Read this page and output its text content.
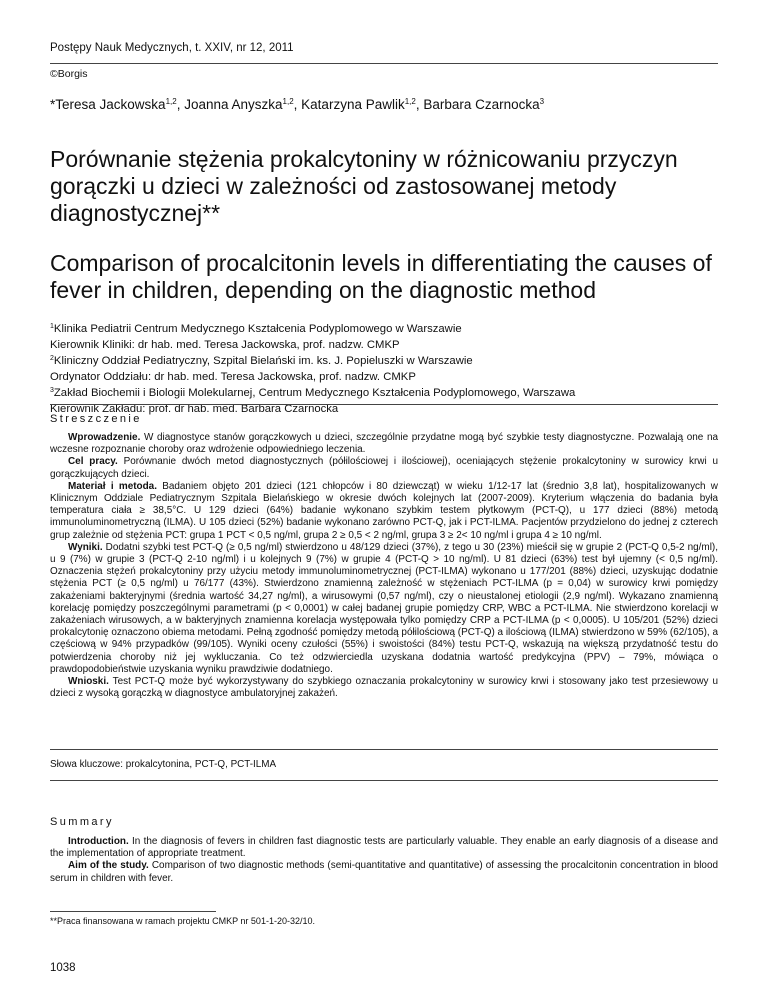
Postępy Nauk Medycznych, t. XXIV, nr 12, 2011
©Borgis
*Teresa Jackowska$^{1,2}$, Joanna Anyszka$^{1,2}$, Katarzyna Pawlik$^{1,2}$, Barbara Czarnocka$^3$
Porównanie stężenia prokalcytoniny w różnicowaniu przyczyn gorączki u dzieci w zależności od zastosowanej metody diagnostycznej**
Comparison of procalcitonin levels in differentiating the causes of fever in children, depending on the diagnostic method
$^1$Klinika Pediatrii Centrum Medycznego Kształcenia Podyplomowego w Warszawie
Kierownik Kliniki: dr hab. med. Teresa Jackowska, prof. nadzw. CMKP
$^2$Kliniczny Oddział Pediatryczny, Szpital Bielański im. ks. J. Popieluszki w Warszawie
Ordynator Oddziału: dr hab. med. Teresa Jackowska, prof. nadzw. CMKP
$^3$Zakład Biochemii i Biologii Molekularnej, Centrum Medycznego Kształcenia Podyplomowego, Warszawa
Kierownik Zakładu: prof. dr hab. med. Barbara Czarnocka
Streszczenie

Wprowadzenie. W diagnostyce stanów gorączkowych u dzieci, szczególnie przydatne mogą być szybkie testy diagnostyczne. Pozwalają one na wczesne rozpoznanie choroby oraz wdrożenie odpowiedniego leczenia.

Cel pracy. Porównanie dwóch metod diagnostycznych (półilościowej i ilościowej), oceniających stężenie prokalcytoniny w surowicy krwi u gorączkujących dzieci.

Materiał i metoda. Badaniem objęto 201 dzieci (121 chłopców i 80 dziewcząt) w wieku 1/12-17 lat (średnio 3,8 lat), hospitalizowanych w Klinicznym Oddziale Pediatrycznym Szpitala Bielańskiego w okresie dwóch kolejnych lat (2007-2009). Kryterium włączenia do badania była temperatura ciała ≥ 38,5°C. U 129 dzieci (64%) badanie wykonano szybkim testem płytkowym (PCT-Q), u 177 dzieci (88%) metodą immunoluminometryczną (ILMA). U 105 dzieci (52%) badanie wykonano zarówno PCT-Q, jak i PCT-ILMA. Pacjentów przydzielono do jednej z czterech grup zależnie od stężenia PCT: grupa 1 PCT < 0,5 ng/ml, grupa 2 ≥ 0,5 < 2 ng/ml, grupa 3 ≥ 2< 10 ng/ml i grupa 4 ≥ 10 ng/ml.

Wyniki. Dodatni szybki test PCT-Q (≥ 0,5 ng/ml) stwierdzono u 48/129 dzieci (37%), z tego u 30 (23%) mieścił się w grupie 2 (PCT-Q 0,5-2 ng/ml), u 9 (7%) w grupie 3 (PCT-Q 2-10 ng/ml) i u kolejnych 9 (7%) w grupie 4 (PCT-Q > 10 ng/ml). U 81 dzieci (63%) test był ujemny (< 0,5 ng/ml). Oznaczenia stężeń prokalcytoniny przy użyciu metody immunoluminometrycznej (PCT-ILMA) wykonano u 177/201 (88%) dzieci, uzyskując dodatnie stężenia PCT (≥ 0,5 ng/ml) u 76/177 (43%). Stwierdzono znamienną zależność w stężeniach PCT-ILMA (p = 0,04) w surowicy krwi pomiędzy zakażeniami bakteryjnymi (średnia wartość 34,27 ng/ml), a wirusowymi (0,57 ng/ml), czy o nieustalonej etiologii (2,9 ng/ml). Wykazano znamienną korelację pomiędzy poszczególnymi parametrami (p < 0,0001) w całej badanej grupie pomiędzy CRP, WBC a PCT-ILMA. Nie stwierdzono korelacji w zakażeniach wirusowych, a w bakteryjnych znamienna korelacja występowała tylko pomiędzy CRP a PCT-ILMA (p < 0,0005). U 105/201 (52%) dzieci prokalcytonię oznaczono obiema metodami. Pełną zgodność pomiędzy metodą półilościową (PCT-Q) a ilościową (ILMA) stwierdzono w 59% (62/105), a częściową w 94% przypadków (99/105). Wyniki oceny czułości (55%) i swoistości (84%) testu PCT-Q, wskazują na większą przydatność testu do potwierdzenia choroby niż jej wykluczania. Co też odzwierciedla uzyskana dodatnia wartość predykcyjna (PPV) – 79%, mówiąca o prawdopodobieństwie uzyskania wyniku prawdziwie dodatniego.

Wnioski. Test PCT-Q może być wykorzystywany do szybkiego oznaczania prokalcytoniny w surowicy krwi i stosowany jako test przesiewowy u dzieci z wysoką gorączką w diagnostyce ambulatoryjnej zakażeń.

Słowa kluczowe: prokalcytonina, PCT-Q, PCT-ILMA
Summary

Introduction. In the diagnosis of fevers in children fast diagnostic tests are particularly valuable. They enable an early diagnosis of a disease and the implementation of appropriate treatment.

Aim of the study. Comparison of two diagnostic methods (semi-quantitative and quantitative) of assessing the procalcitonin concentration in blood serum in children with fever.

**Praca finansowana w ramach projektu CMKP nr 501-1-20-32/10.
1038
